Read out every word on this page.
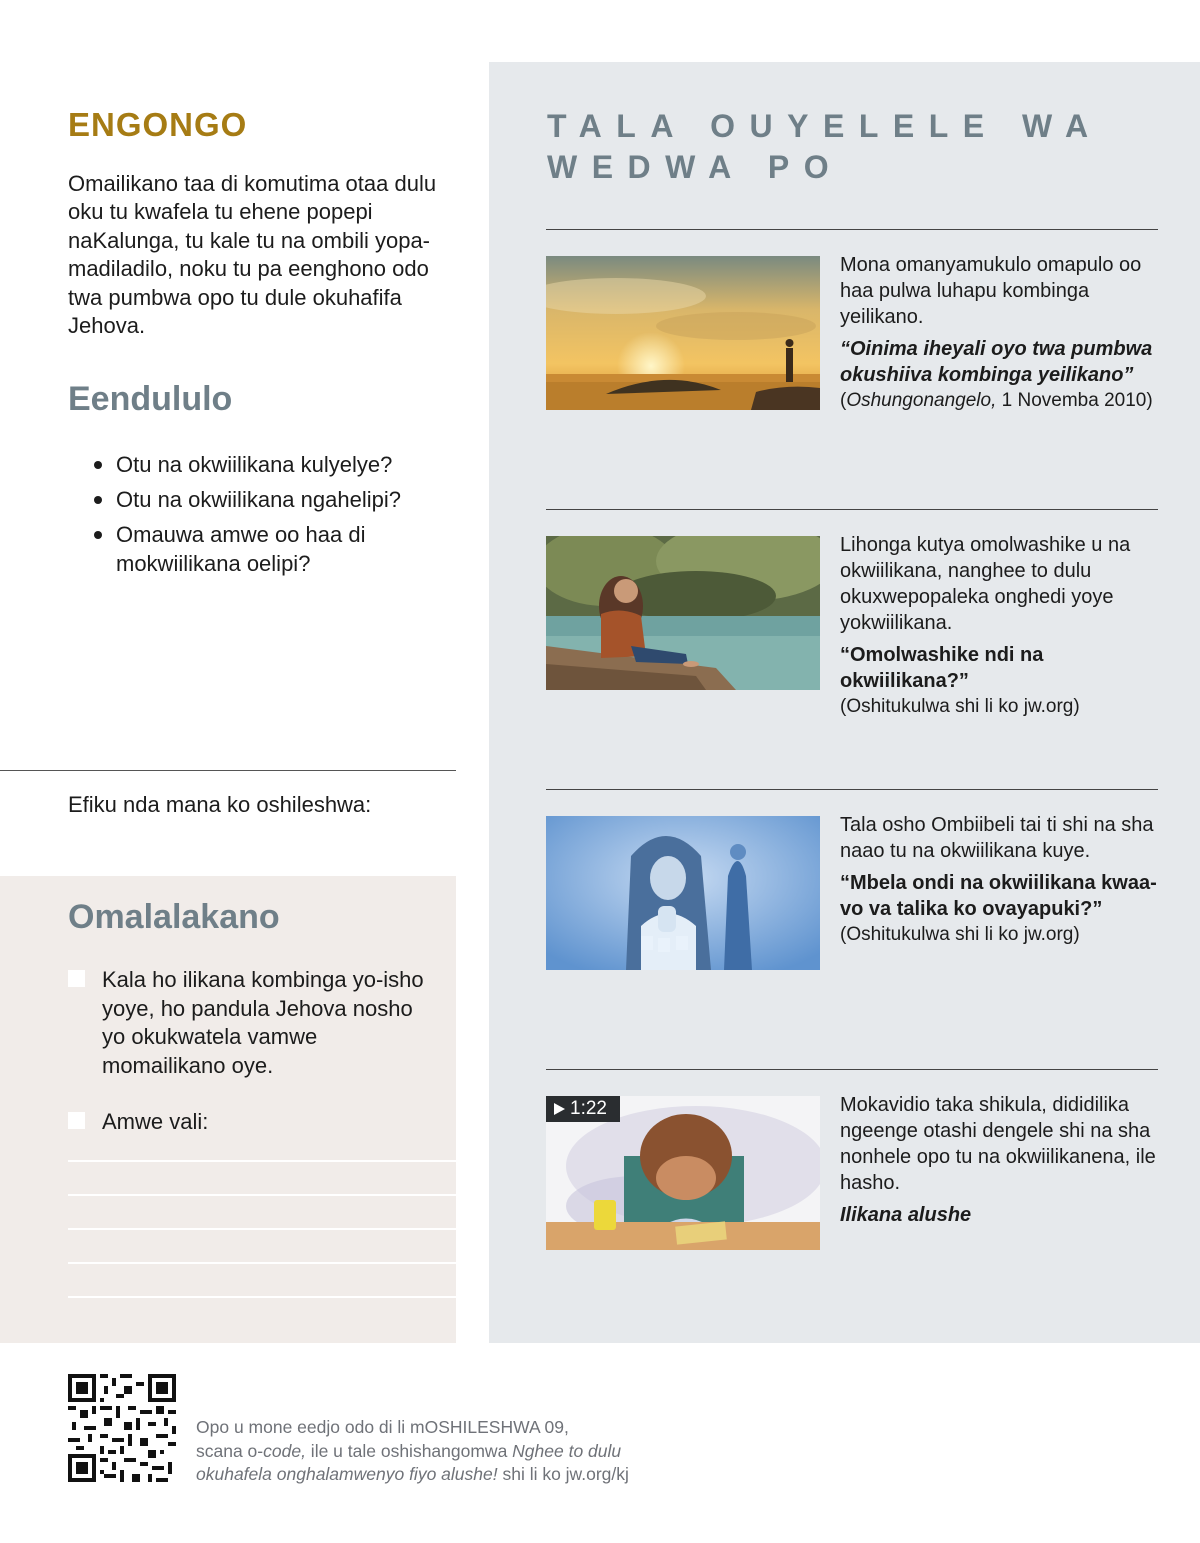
ENGONGO

Omailikano taa di komutima otaa dulu oku tu kwafela tu ehene popepi naKalunga, tu kale tu na ombili yopa-madiladilo, noku tu pa eenghono odo twa pumbwa opo tu dule okuhafifa Jehova.

Eendululo
Otu na okwiilikana kulyelye?
Otu na okwiilikana ngahelipi?
Omauwa amwe oo haa di mokwiilikana oelipi?

Efiku nda mana ko oshileshwa:

Omalalakano
Kala ho ilikana kombinga yo-isho yoye, ho pandula Jehova nosho yo okukwatela vamwe momailikano oye.
Amwe vali:
TALA OUYELELE WA WEDWA PO
Mona omanyamukulo omapulo oo haa pulwa luhapu kombinga yeilikano.
“Oinima iheyali oyo twa pumbwa okushiiva kombinga yeilikano”
(Oshungonangelo, 1 Novemba 2010)
Lihonga kutya omolwashike u na okwiilikana, nanghee to dulu okuxwepopaleka onghedi yoye yokwiilikana.
“Omolwashike ndi na okwiilikana?”
(Oshitukulwa shi li ko jw.org)
Tala osho Ombiibeli tai ti shi na sha naao tu na okwiilikana kuye.
“Mbela ondi na okwiilikana kwaa-vo va talika ko ovayapuki?”
(Oshitukulwa shi li ko jw.org)
1:22	Mokavidio taka shikula, dididilika ngeenge otashi dengele shi na sha nonhele opo tu na okwiilikanena, ile hasho.
Ilikana alushe
Opo u mone eedjo odo di li mOSHILESHWA 09,
scana o-code, ile u tale oshishangomwa Nghee to dulu
okuhafela onghalamwenyo fiyo alushe! shi li ko jw.org/kj
